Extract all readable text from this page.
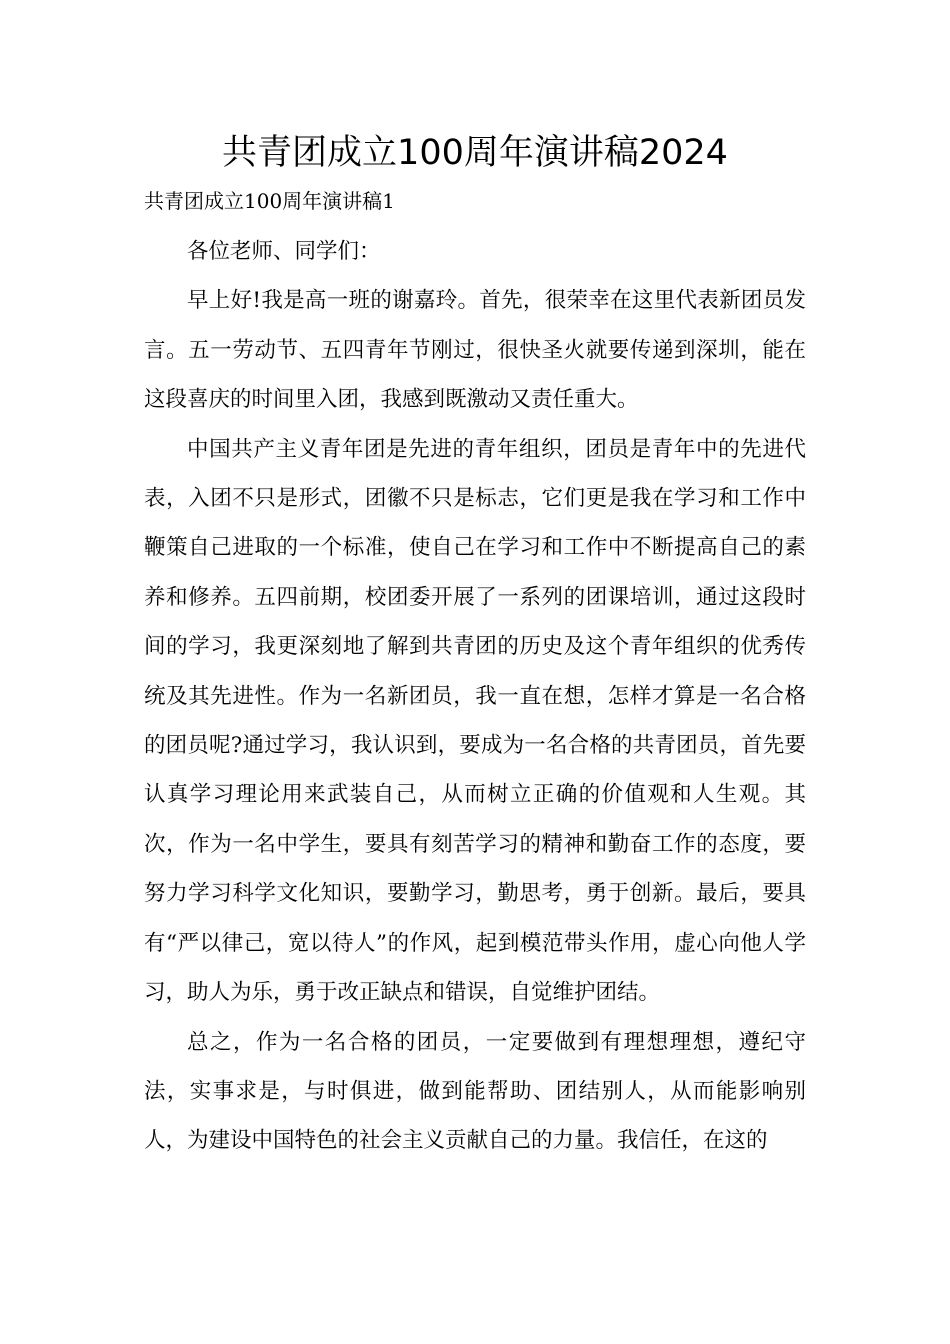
共青团成立100周年演讲稿2024
共青团成立100周年演讲稿1

各位老师、同学们：

早上好!我是高一班的谢嘉玲。首先，很荣幸在这里代表新团员发言。五一劳动节、五四青年节刚过，很快圣火就要传递到深圳，能在这段喜庆的时间里入团，我感到既激动又责任重大。

中国共产主义青年团是先进的青年组织，团员是青年中的先进代表，入团不只是形式，团徽不只是标志，它们更是我在学习和工作中鞭策自己进取的一个标准，使自己在学习和工作中不断提高自己的素养和修养。五四前期，校团委开展了一系列的团课培训，通过这段时间的学习，我更深刻地了解到共青团的历史及这个青年组织的优秀传统及其先进性。作为一名新团员，我一直在想，怎样才算是一名合格的团员呢?通过学习，我认识到，要成为一名合格的共青团员，首先要认真学习理论用来武装自己，从而树立正确的价值观和人生观。其次，作为一名中学生，要具有刻苦学习的精神和勤奋工作的态度，要努力学习科学文化知识，要勤学习，勤思考，勇于创新。最后，要具有“严以律己，宽以待人”的作风，起到模范带头作用，虚心向他人学习，助人为乐，勇于改正缺点和错误，自觉维护团结。

总之，作为一名合格的团员，一定要做到有理想理想，遵纪守法，实事求是，与时俱进，做到能帮助、团结别人，从而能影响别人，为建设中国特色的社会主义贡献自己的力量。我信任，在这的
